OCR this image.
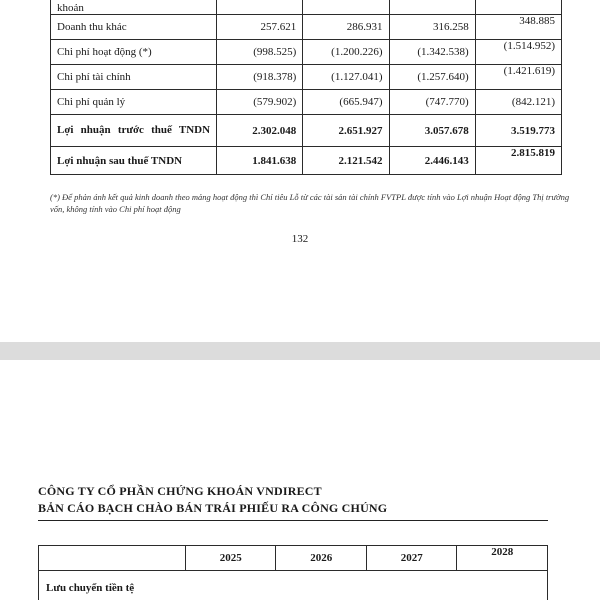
khoản				
Doanh thu khác	257.621	286.931	316.258	348.885
Chi phí hoạt động (*)	(998.525)	(1.200.226)	(1.342.538)	(1.514.952)
Chi phí tài chính	(918.378)	(1.127.041)	(1.257.640)	(1.421.619)
Chi phí quản lý	(579.902)	(665.947)	(747.770)	(842.121)

Lợi nhuận trước thuế TNDN	2.302.048	2.651.927	3.057.678	3.519.773
Lợi nhuận sau thuế TNDN	1.841.638	2.121.542	2.446.143	2.815.819
(*) Để phản ánh kết quả kinh doanh theo mảng hoạt động thì Chỉ tiêu Lỗ từ các tài sản tài chính FVTPL được tính vào Lợi nhuận Hoạt động Thị trường vốn, không tính vào Chi phí hoạt động
132
CÔNG TY CỔ PHẦN CHỨNG KHOÁN VNDIRECT
BẢN CÁO BẠCH CHÀO BÁN TRÁI PHIẾU RA CÔNG CHÚNG
	2025	2026	2027	2028
Lưu chuyển tiền tệ
